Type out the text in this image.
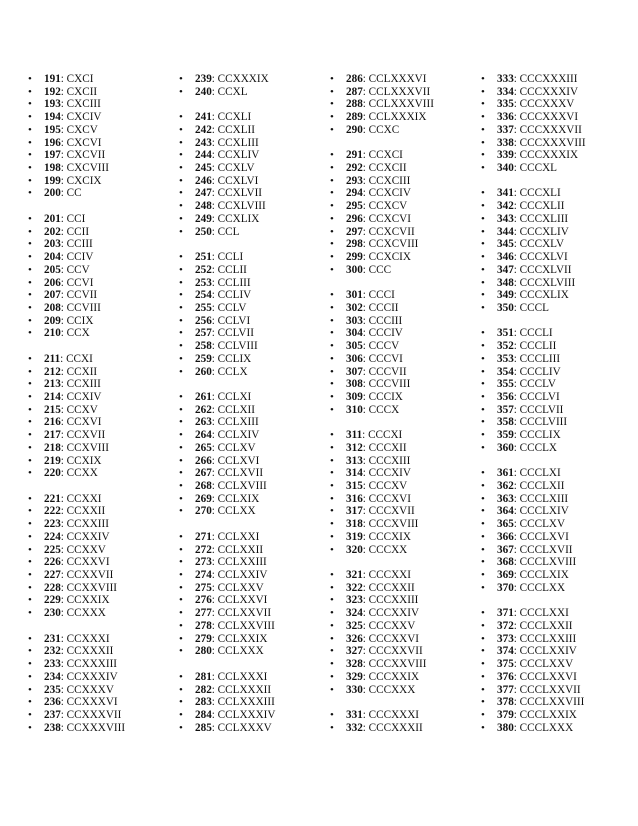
• 191: CXCI
• 192: CXCII
• 193: CXCIII
• 194: CXCIV
• 195: CXCV
• 196: CXCVI
• 197: CXCVII
• 198: CXCVIII
• 199: CXCIX
• 200: CC
• 201: CCI
• 202: CCII
• 203: CCIII
• 204: CCIV
• 205: CCV
• 206: CCVI
• 207: CCVII
• 208: CCVIII
• 209: CCIX
• 210: CCX
• 211: CCXI
• 212: CCXII
• 213: CCXIII
• 214: CCXIV
• 215: CCXV
• 216: CCXVI
• 217: CCXVII
• 218: CCXVIII
• 219: CCXIX
• 220: CCXX
• 221: CCXXI
• 222: CCXXII
• 223: CCXXIII
• 224: CCXXIV
• 225: CCXXV
• 226: CCXXVI
• 227: CCXXVII
• 228: CCXXVIII
• 229: CCXXIX
• 230: CCXXX
• 231: CCXXXI
• 232: CCXXXII
• 233: CCXXXIII
• 234: CCXXXIV
• 235: CCXXXV
• 236: CCXXXVI
• 237: CCXXXVII
• 238: CCXXXVIII
• 239: CCXXXIX
• 240: CCXL
• 241: CCXLI
• 242: CCXLII
• 243: CCXLIII
• 244: CCXLIV
• 245: CCXLV
• 246: CCXLVI
• 247: CCXLVII
• 248: CCXLVIII
• 249: CCXLIX
• 250: CCL
• 251: CCLI
• 252: CCLII
• 253: CCLIII
• 254: CCLIV
• 255: CCLV
• 256: CCLVI
• 257: CCLVII
• 258: CCLVIII
• 259: CCLIX
• 260: CCLX
• 261: CCLXI
• 262: CCLXII
• 263: CCLXIII
• 264: CCLXIV
• 265: CCLXV
• 266: CCLXVI
• 267: CCLXVII
• 268: CCLXVIII
• 269: CCLXIX
• 270: CCLXX
• 271: CCLXXI
• 272: CCLXXII
• 273: CCLXXIII
• 274: CCLXXIV
• 275: CCLXXV
• 276: CCLXXVI
• 277: CCLXXVII
• 278: CCLXXVIII
• 279: CCLXXIX
• 280: CCLXXX
• 281: CCLXXXI
• 282: CCLXXXII
• 283: CCLXXXIII
• 284: CCLXXXIV
• 285: CCLXXXV
• 286: CCLXXXVI
• 287: CCLXXXVII
• 288: CCLXXXVIII
• 289: CCLXXXIX
• 290: CCXC
• 291: CCXCI
• 292: CCXCII
• 293: CCXCIII
• 294: CCXCIV
• 295: CCXCV
• 296: CCXCVI
• 297: CCXCVII
• 298: CCXCVIII
• 299: CCXCIX
• 300: CCC
• 301: CCCI
• 302: CCCII
• 303: CCCIII
• 304: CCCIV
• 305: CCCV
• 306: CCCVI
• 307: CCCVII
• 308: CCCVIII
• 309: CCCIX
• 310: CCCX
• 311: CCCXI
• 312: CCCXII
• 313: CCCXIII
• 314: CCCXIV
• 315: CCCXV
• 316: CCCXVI
• 317: CCCXVII
• 318: CCCXVIII
• 319: CCCXIX
• 320: CCCXX
• 321: CCCXXI
• 322: CCCXXII
• 323: CCCXXIII
• 324: CCCXXIV
• 325: CCCXXV
• 326: CCCXXVI
• 327: CCCXXVII
• 328: CCCXXVIII
• 329: CCCXXIX
• 330: CCCXXX
• 331: CCCXXXI
• 332: CCCXXXII
• 333: CCCXXXIII
• 334: CCCXXXIV
• 335: CCCXXXV
• 336: CCCXXXVI
• 337: CCCXXXVII
• 338: CCCXXXVIII
• 339: CCCXXXIX
• 340: CCCXL
• 341: CCCXLI
• 342: CCCXLII
• 343: CCCXLIII
• 344: CCCXLIV
• 345: CCCXLV
• 346: CCCXLVI
• 347: CCCXLVII
• 348: CCCXLVIII
• 349: CCCXLIX
• 350: CCCL
• 351: CCCLI
• 352: CCCLII
• 353: CCCLIII
• 354: CCCLIV
• 355: CCCLV
• 356: CCCLVI
• 357: CCCLVII
• 358: CCCLVIII
• 359: CCCLIX
• 360: CCCLX
• 361: CCCLXI
• 362: CCCLXII
• 363: CCCLXIII
• 364: CCCLXIV
• 365: CCCLXV
• 366: CCCLXVI
• 367: CCCLXVII
• 368: CCCLXVIII
• 369: CCCLXIX
• 370: CCCLXX
• 371: CCCLXXI
• 372: CCCLXXII
• 373: CCCLXXIII
• 374: CCCLXXIV
• 375: CCCLXXV
• 376: CCCLXXVI
• 377: CCCLXXVII
• 378: CCCLXXVIII
• 379: CCCLXXIX
• 380: CCCLXXX
